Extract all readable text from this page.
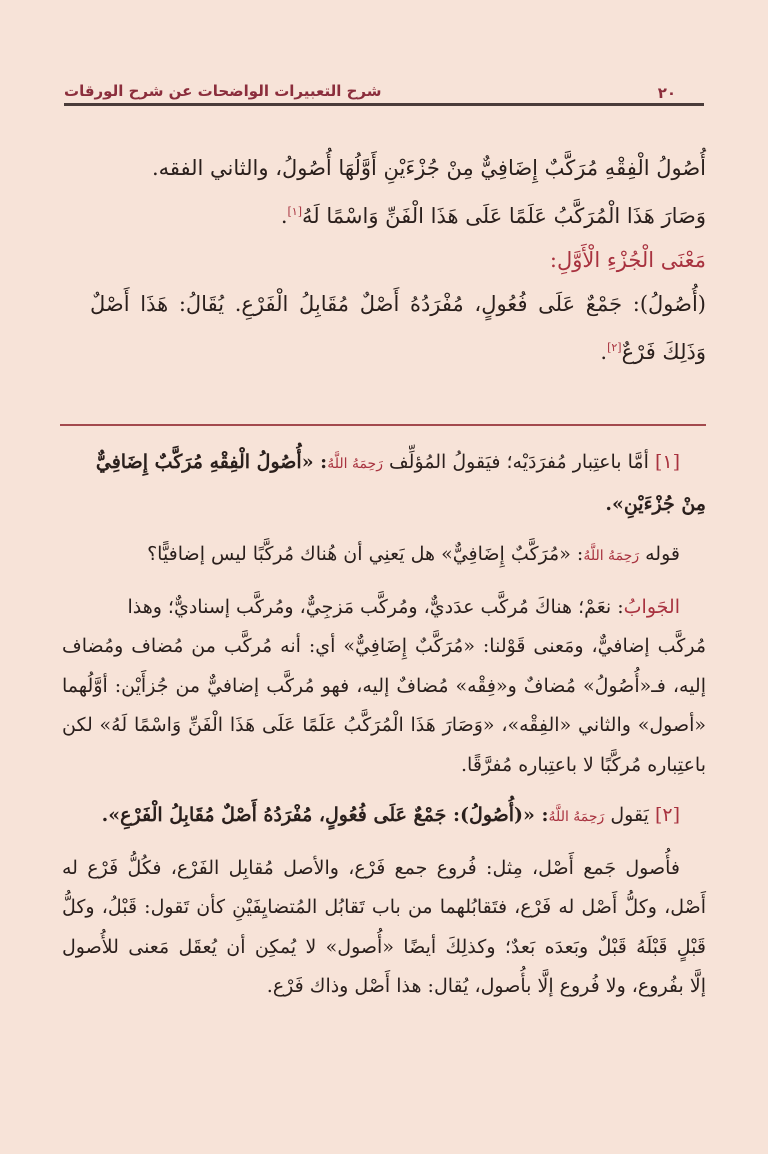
٢٠
شرح التعبيرات الواضحات عن شرح الورقات
أُصُولُ الْفِقْهِ مُرَكَّبٌ إِضَافِيٌّ مِنْ جُزْءَيْنِ أَوَّلُهَا أُصُولُ، والثاني الفقه.
وَصَارَ هَذَا الْمُرَكَّبُ عَلَمًا عَلَى هَذَا الْفَنِّ وَاسْمًا لَهُ[١].
مَعْنَى الْجُزْءِ الْأَوَّلِ:
(أُصُولُ): جَمْعٌ عَلَى فُعُولٍ، مُفْرَدُهُ أَصْلٌ مُقَابِلُ الْفَرْعِ. يُقَالُ: هَذَا أَصْلٌ
وَذَلِكَ فَرْعٌ[٢].
[١] أمَّا باعتِبار مُفرَدَيْه؛ فيَقولُ المُؤلِّف رَحِمَهُ اللَّهُ: «أُصُولُ الْفِقْهِ مُرَكَّبٌ إِضَافِيٌّ
مِنْ جُزْءَيْنِ».
قوله رَحِمَهُ اللَّهُ: «مُرَكَّبٌ إِضَافِيٌّ» هل يَعنِي أن هُناك مُركَّبًا ليس إضافيًّا؟
الجَوابُ: نعَمْ؛ هناكَ مُركَّب عدَديٌّ، ومُركَّب مَزجِيٌّ، ومُركَّب إسناديٌّ؛ وهذا
مُركَّب إضافيٌّ، ومَعنى قَوْلنا: «مُرَكَّبٌ إِضَافِيٌّ» أي: أنه مُركَّب من مُضاف ومُضاف
إليه، فـ«أُصُولُ» مُضافٌ و«فِقْه» مُضافٌ إليه، فهو مُركَّب إضافيٌّ من جُزأَيْن: أوَّلُهما
«أصول» والثاني «الفِقْه»، «وَصَارَ هَذَا الْمُرَكَّبُ عَلَمًا عَلَى هَذَا الْفَنِّ وَاسْمًا لَهُ» لكن
باعتِباره مُركَّبًا لا باعتِباره مُفرَّقًا.
[٢] يَقول رَحِمَهُ اللَّهُ: «(أُصُولُ): جَمْعٌ عَلَى فُعُولٍ، مُفْرَدُهُ أَصْلٌ مُقَابِلُ الْفَرْعِ».
فأُصول جَمع أَصْل، مِثل: فُروع جمع فَرْع، والأصل مُقابِل الفَرْع، فكُلُّ فَرْع له
أَصْل، وكلُّ أَصْل له فَرْع، فتَقابُلهما من باب تَقابُل المُتضايِفَيْنِ كأن تَقول: قَبْلُ، وكلُّ
قَبْلٍ قَبْلَهُ قَبْلٌ وبَعدَه بَعدٌ؛ وكذلِكَ أيضًا «أُصول» لا يُمكِن أن يُعقَل مَعنى للأُصول
إلَّا بفُروع، ولا فُروع إلَّا بأُصول، يُقال: هذا أَصْل وذاك فَرْع.
